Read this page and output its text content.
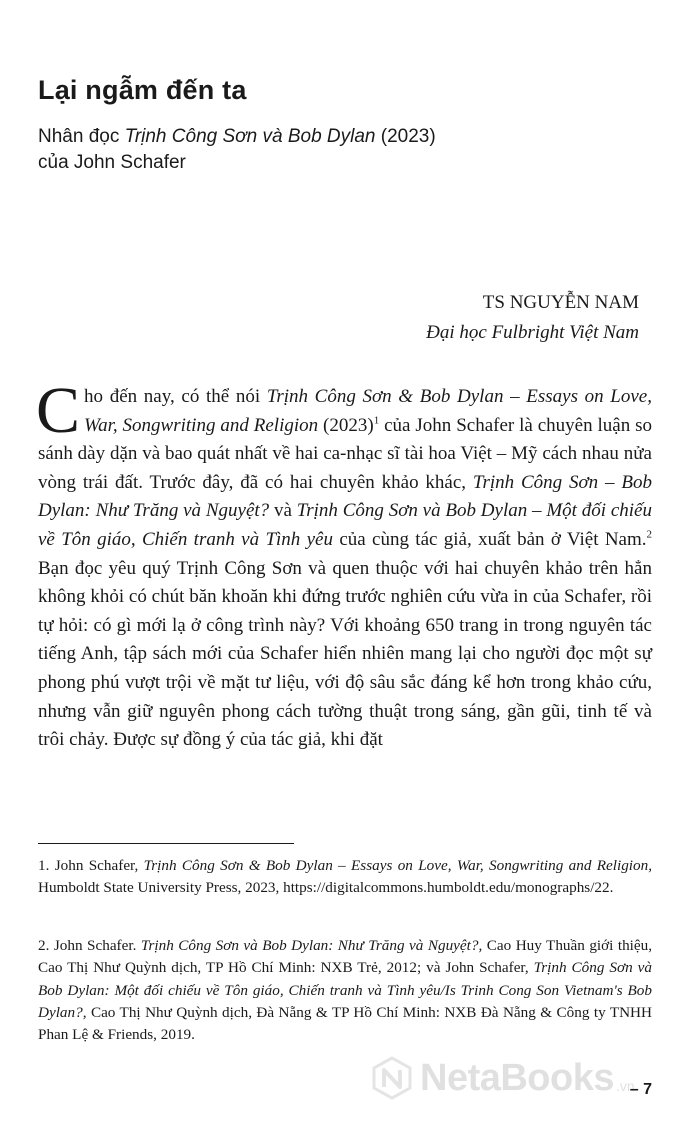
Lại ngẫm đến ta
Nhân đọc Trịnh Công Sơn và Bob Dylan (2023)
của John Schafer
TS NGUYỄN NAM
Đại học Fulbright Việt Nam

Cho đến nay, có thể nói Trịnh Công Sơn & Bob Dylan – Essays on Love, War, Songwriting and Religion $(2023)^1$ của John Schafer là chuyên luận so sánh dày dặn và bao quát nhất về hai ca-nhạc sĩ tài hoa Việt – Mỹ cách nhau nửa vòng trái đất. Trước đây, đã có hai chuyên khảo khác, Trịnh Công Sơn – Bob Dylan: Như Trăng và Nguyệt? và Trịnh Công Sơn và Bob Dylan – Một đối chiếu về Tôn giáo, Chiến tranh và Tình yêu của cùng tác giả, xuất bản ở Việt Nam.$^2$ Bạn đọc yêu quý Trịnh Công Sơn và quen thuộc với hai chuyên khảo trên hẳn không khỏi có chút băn khoăn khi đứng trước nghiên cứu vừa in của Schafer, rồi tự hỏi: có gì mới lạ ở công trình này? Với khoảng 650 trang in trong nguyên tác tiếng Anh, tập sách mới của Schafer hiển nhiên mang lại cho người đọc một sự phong phú vượt trội về mặt tư liệu, với độ sâu sắc đáng kể hơn trong khảo cứu, nhưng vẫn giữ nguyên phong cách tường thuật trong sáng, gần gũi, tinh tế và trôi chảy. Được sự đồng ý của tác giả, khi đặt

1. John Schafer, Trịnh Công Sơn & Bob Dylan – Essays on Love, War, Songwriting and Religion, Humboldt State University Press, 2023, https://digitalcommons.humboldt.edu/monographs/22.

2. John Schafer. Trịnh Công Sơn và Bob Dylan: Như Trăng và Nguyệt?, Cao Huy Thuần giới thiệu, Cao Thị Như Quỳnh dịch, TP Hồ Chí Minh: NXB Trẻ, 2012; và John Schafer, Trịnh Công Sơn và Bob Dylan: Một đối chiếu về Tôn giáo, Chiến tranh và Tình yêu/Is Trinh Cong Son Vietnam's Bob Dylan?, Cao Thị Như Quỳnh dịch, Đà Nẵng & TP Hồ Chí Minh: NXB Đà Nẵng & Công ty TNHH Phan Lệ & Friends, 2019.

NetaBooks .vn
– 7
